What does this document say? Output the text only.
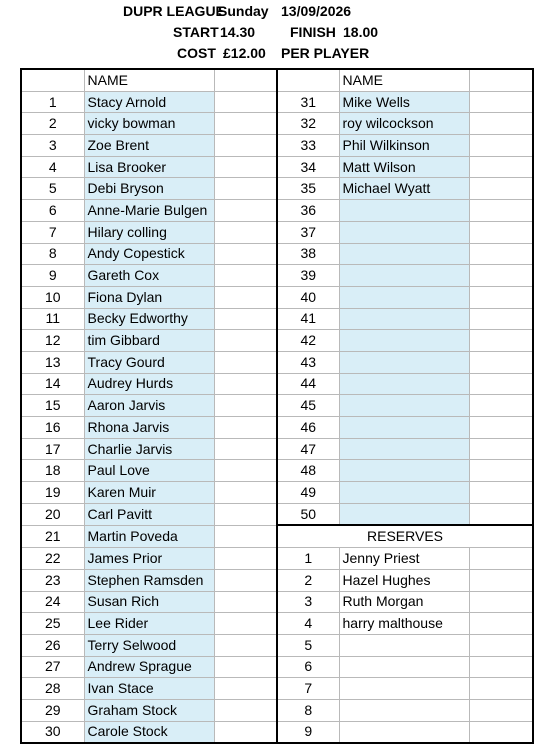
DUPR LEAGUE
Sunday 13/09/2026
START 14.30 FINISH 18.00
COST £12.00 PER PLAYER
	NAME			NAME	
1	Stacy Arnold		31	Mike Wells	
2	vicky bowman		32	roy wilcockson	
3	Zoe Brent		33	Phil Wilkinson	
4	Lisa Brooker		34	Matt Wilson	
5	Debi Bryson		35	Michael Wyatt	
6	Anne-Marie Bulgen		36		
7	Hilary colling		37		
8	Andy Copestick		38		
9	Gareth Cox		39		
10	Fiona Dylan		40		
11	Becky Edworthy		41		
12	tim Gibbard		42		
13	Tracy Gourd		43		
14	Audrey Hurds		44		
15	Aaron Jarvis		45		
16	Rhona Jarvis		46		
17	Charlie Jarvis		47		
18	Paul Love		48		
19	Karen Muir		49		
20	Carl Pavitt		50		
21	Martin Poveda		RESERVES		
22	James Prior		1	Jenny Priest	
23	Stephen Ramsden		2	Hazel Hughes	
24	Susan Rich		3	Ruth Morgan	
25	Lee Rider		4	harry malthouse	
26	Terry Selwood		5		
27	Andrew Sprague		6		
28	Ivan Stace		7		
29	Graham Stock		8		
30	Carole Stock		9		
